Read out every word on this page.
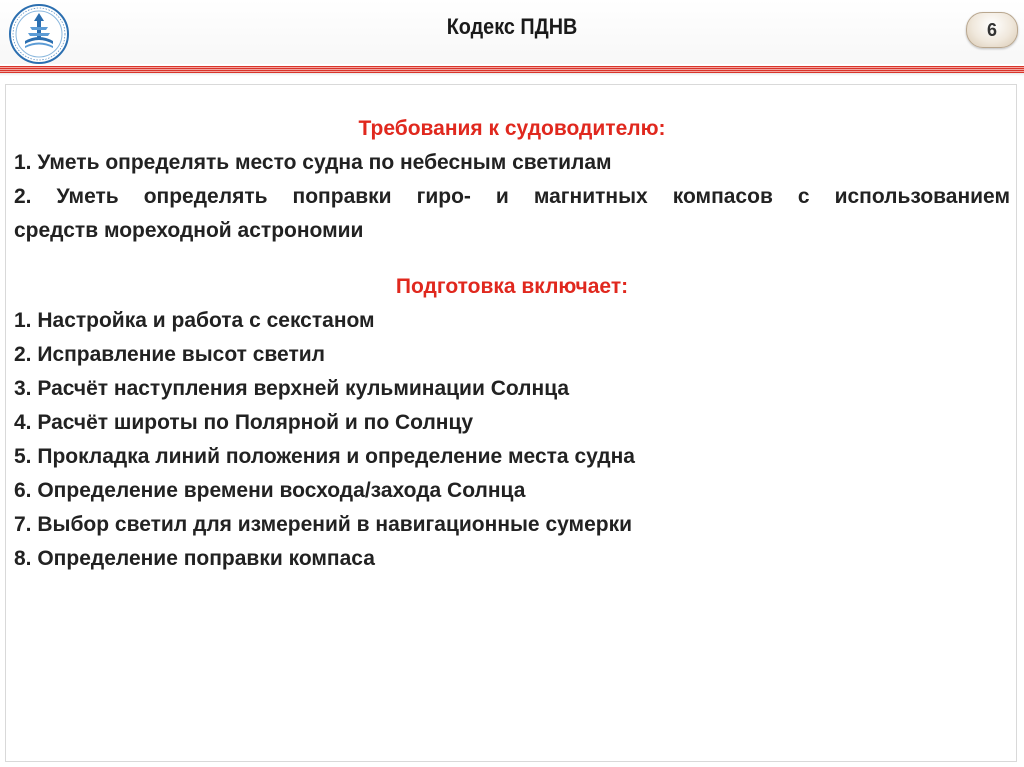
Кодекс ПДНВ	6
Требования к судоводителю:
1. Уметь определять место судна по небесным светилам
2. Уметь определять поправки гиро- и магнитных компасов с использованием
средств мореходной астрономии
Подготовка включает:
1. Настройка и работа с секстаном
2. Исправление высот светил
3. Расчёт наступления верхней кульминации Солнца
4. Расчёт широты по Полярной и по Солнцу
5. Прокладка линий положения и определение места судна
6. Определение времени восхода/захода Солнца
7. Выбор светил для измерений в навигационные сумерки
8. Определение поправки компаса
